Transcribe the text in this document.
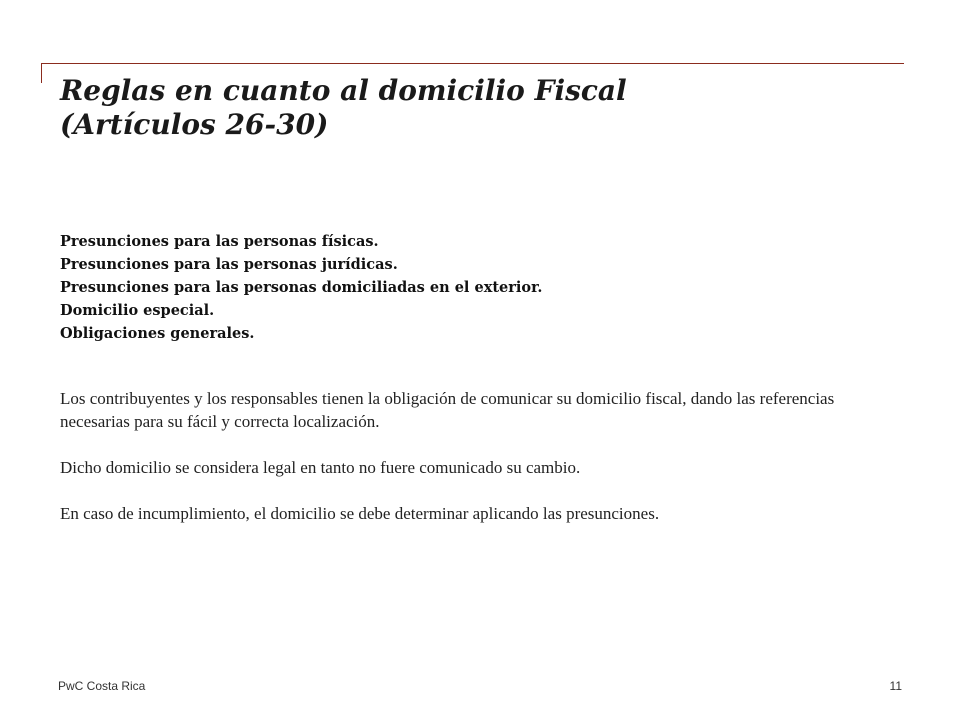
Reglas en cuanto al domicilio Fiscal
(Artículos 26-30)
Presunciones para las personas físicas.
Presunciones para las personas jurídicas.
Presunciones para las personas domiciliadas en el exterior.
Domicilio especial.
Obligaciones generales.

Los contribuyentes y los responsables tienen la obligación de comunicar su domicilio fiscal, dando las referencias necesarias para su fácil y correcta localización.

Dicho domicilio se considera legal en tanto no fuere comunicado su cambio.

En caso de incumplimiento, el domicilio se debe determinar aplicando las presunciones.

PwC Costa Rica	11
